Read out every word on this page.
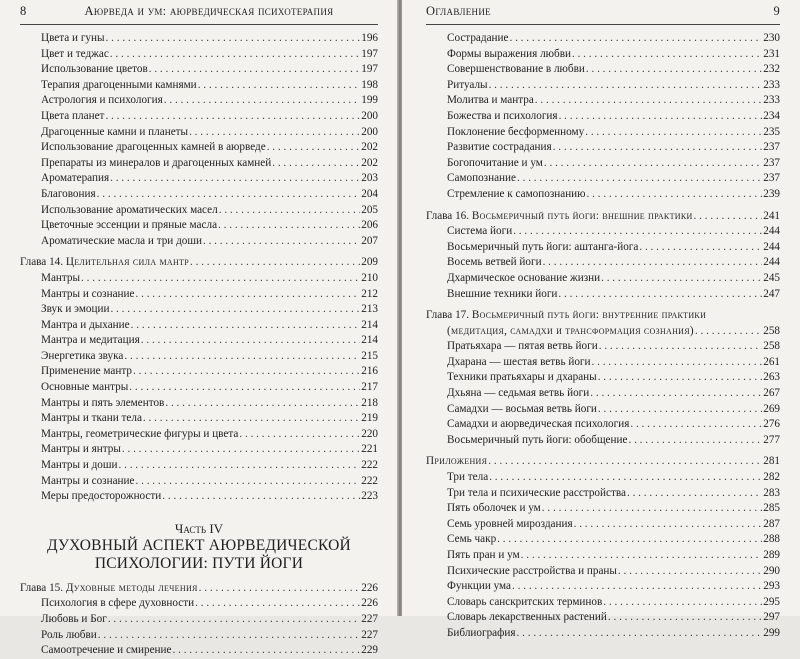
8	Аюрведа и ум: аюрведическая психотерапия
Цвета и гуны . . .	196
Цвет и теджас . . .	197
Использование цветов . . .	197
Терапия драгоценными камнями . . .	198
Астрология и психология . . .	199
Цвета планет . . .	200
Драгоценные камни и планеты . . .	200
Использование драгоценных камней в аюрведе . . .	202
Препараты из минералов и драгоценных камней . . .	202
Ароматерапия . . .	203
Благовония . . .	204
Использование ароматических масел . . .	205
Цветочные эссенции и пряные масла . . .	206
Ароматические масла и три доши . . .	207
Глава 14. Целительная сила мантр . . .	209
Мантры . . .	210
Мантры и сознание . . .	212
Звук и эмоции . . .	213
Мантра и дыхание . . .	214
Мантра и медитация . . .	214
Энергетика звука . . .	215
Применение мантр . . .	216
Основные мантры . . .	217
Мантры и пять элементов . . .	218
Мантры и ткани тела . . .	219
Мантры, геометрические фигуры и цвета . . .	220
Мантры и янтры . . .	221
Мантры и доши . . .	222
Мантры и сознание . . .	222
Меры предосторожности . . .	223
Часть IV
ДУХОВНЫЙ АСПЕКТ АЮРВЕДИЧЕСКОЙ
ПСИХОЛОГИИ: ПУТИ ЙОГИ
Глава 15. Духовные методы лечения . . .	226
Психология в сфере духовности . . .	226
Любовь и Бог . . .	227
Роль любви . . .	227
Самоотречение и смирение . . .	229
Оглавление	9
Сострадание . . .	230
Формы выражения любви . . .	231
Совершенствование в любви . . .	232
Ритуалы . . .	233
Молитва и мантра . . .	233
Божества и психология . . .	234
Поклонение бесформенному . . .	235
Развитие сострадания . . .	237
Богопочитание и ум . . .	237
Самопознание . . .	237
Стремление к самопознанию . . .	239
Глава 16. Восьмеричный путь йоги: внешние практики . . .	241
Система йоги . . .	244
Восьмеричный путь йоги: аштанга-йога . . .	244
Восемь ветвей йоги . . .	244
Дхармическое основание жизни . . .	245
Внешние техники йоги . . .	247
Глава 17. Восьмеричный путь йоги: внутренние практики
(медитация, самадхи и трансформация сознания) . . .	258
Пратьяхара — пятая ветвь йоги . . .	258
Дхарана — шестая ветвь йоги . . .	261
Техники пратьяхары и дхараны . . .	263
Дхьяна — седьмая ветвь йоги . . .	267
Самадхи — восьмая ветвь йоги . . .	269
Самадхи и аюрведическая психология . . .	276
Восьмеричный путь йоги: обобщение . . .	277
Приложения . . .	281
Три тела . . .	282
Три тела и психические расстройства . . .	283
Пять оболочек и ум . . .	285
Семь уровней мироздания . . .	287
Семь чакр . . .	288
Пять пран и ум . . .	289
Психические расстройства и праны . . .	290
Функции ума . . .	293
Словарь санскритских терминов . . .	295
Словарь лекарственных растений . . .	297
Библиография . . .	299
